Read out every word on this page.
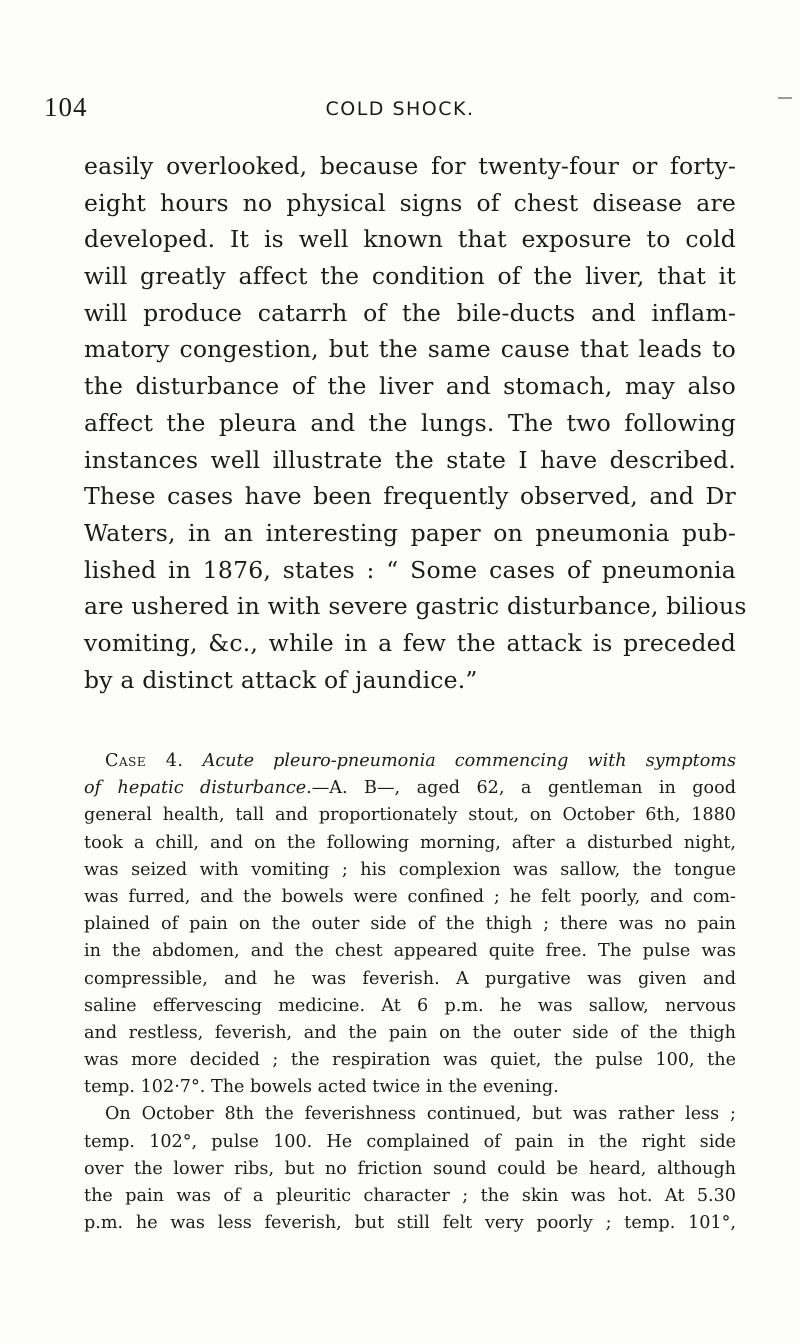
104	COLD SHOCK.
easily overlooked, because for twenty-four or forty-
eight hours no physical signs of chest disease are
developed. It is well known that exposure to cold
will greatly affect the condition of the liver, that it
will produce catarrh of the bile-ducts and inflam-
matory congestion, but the same cause that leads to
the disturbance of the liver and stomach, may also
affect the pleura and the lungs. The two following
instances well illustrate the state I have described.
These cases have been frequently observed, and Dr
Waters, in an interesting paper on pneumonia pub-
lished in 1876, states : “ Some cases of pneumonia
are ushered in with severe gastric disturbance, bilious
vomiting, &c., while in a few the attack is preceded
by a distinct attack of jaundice.”
Case 4. Acute pleuro-pneumonia commencing with symptoms
of hepatic disturbance.—A. B—, aged 62, a gentleman in good
general health, tall and proportionately stout, on October 6th, 1880
took a chill, and on the following morning, after a disturbed night,
was seized with vomiting ; his complexion was sallow, the tongue
was furred, and the bowels were confined ; he felt poorly, and com-
plained of pain on the outer side of the thigh ; there was no pain
in the abdomen, and the chest appeared quite free. The pulse was
compressible, and he was feverish. A purgative was given and
saline effervescing medicine. At 6 p.m. he was sallow, nervous
and restless, feverish, and the pain on the outer side of the thigh
was more decided ; the respiration was quiet, the pulse 100, the
temp. 102·7°. The bowels acted twice in the evening.
On October 8th the feverishness continued, but was rather less ;
temp. 102°, pulse 100. He complained of pain in the right side
over the lower ribs, but no friction sound could be heard, although
the pain was of a pleuritic character ; the skin was hot. At 5.30
p.m. he was less feverish, but still felt very poorly ; temp. 101°,
